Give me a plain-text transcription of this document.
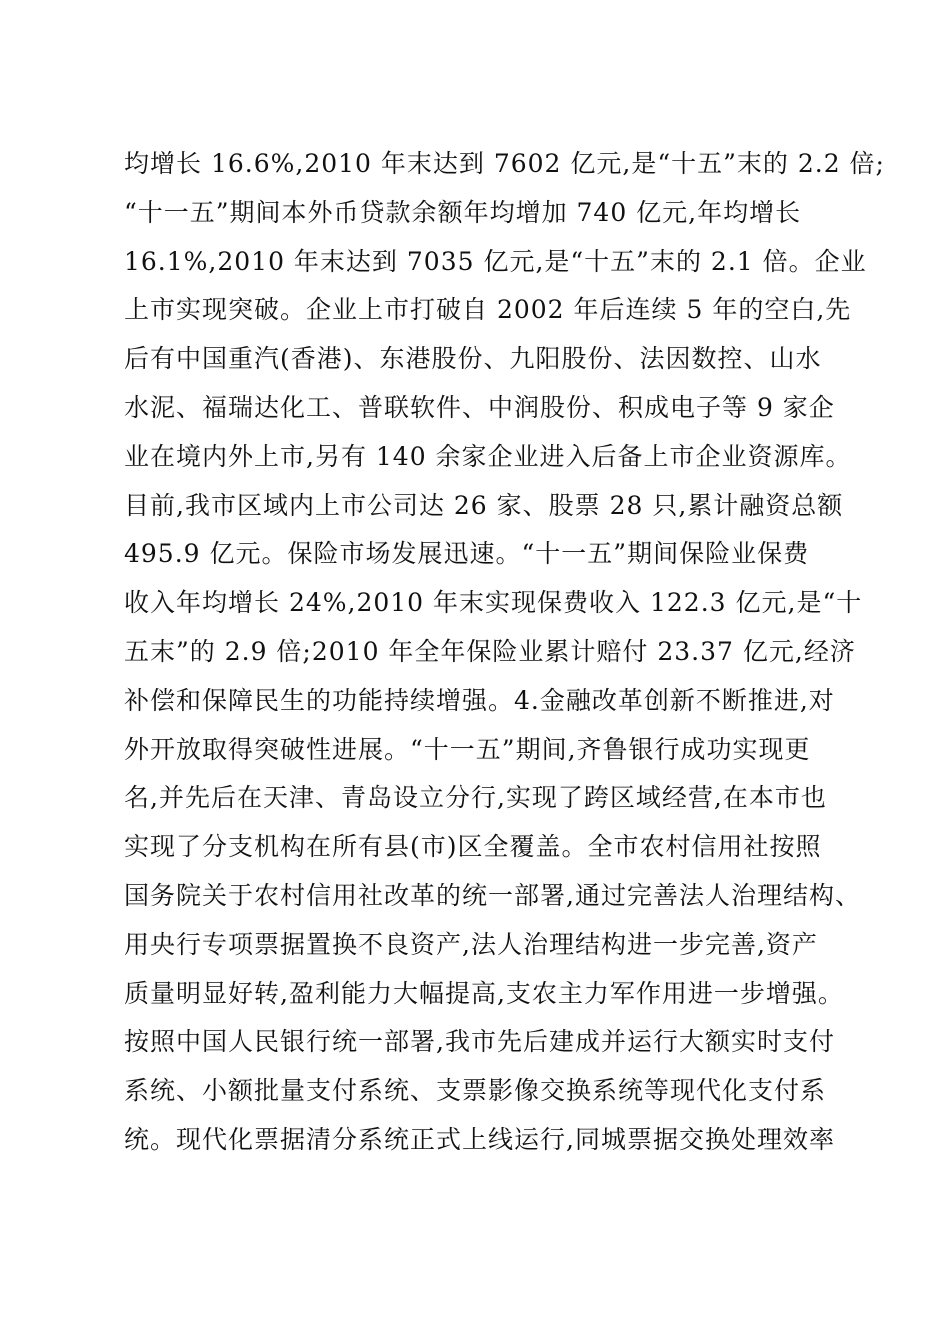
均增长 16.6%,2010 年末达到 7602 亿元,是“十五”末的 2.2 倍;
“十一五”期间本外币贷款余额年均增加 740 亿元,年均增长
16.1%,2010 年末达到 7035 亿元,是“十五”末的 2.1 倍。企业
上市实现突破。企业上市打破自 2002 年后连续 5 年的空白,先
后有中国重汽(香港)、东港股份、九阳股份、法因数控、山水
水泥、福瑞达化工、普联软件、中润股份、积成电子等 9 家企
业在境内外上市,另有 140 余家企业进入后备上市企业资源库。
目前,我市区域内上市公司达 26 家、股票 28 只,累计融资总额
495.9 亿元。保险市场发展迅速。“十一五”期间保险业保费
收入年均增长 24%,2010 年末实现保费收入 122.3 亿元,是“十
五末”的 2.9 倍;2010 年全年保险业累计赔付 23.37 亿元,经济
补偿和保障民生的功能持续增强。4.金融改革创新不断推进,对
外开放取得突破性进展。“十一五”期间,齐鲁银行成功实现更
名,并先后在天津、青岛设立分行,实现了跨区域经营,在本市也
实现了分支机构在所有县(市)区全覆盖。全市农村信用社按照
国务院关于农村信用社改革的统一部署,通过完善法人治理结构、
用央行专项票据置换不良资产,法人治理结构进一步完善,资产
质量明显好转,盈利能力大幅提高,支农主力军作用进一步增强。
按照中国人民银行统一部署,我市先后建成并运行大额实时支付
系统、小额批量支付系统、支票影像交换系统等现代化支付系
统。现代化票据清分系统正式上线运行,同城票据交换处理效率
